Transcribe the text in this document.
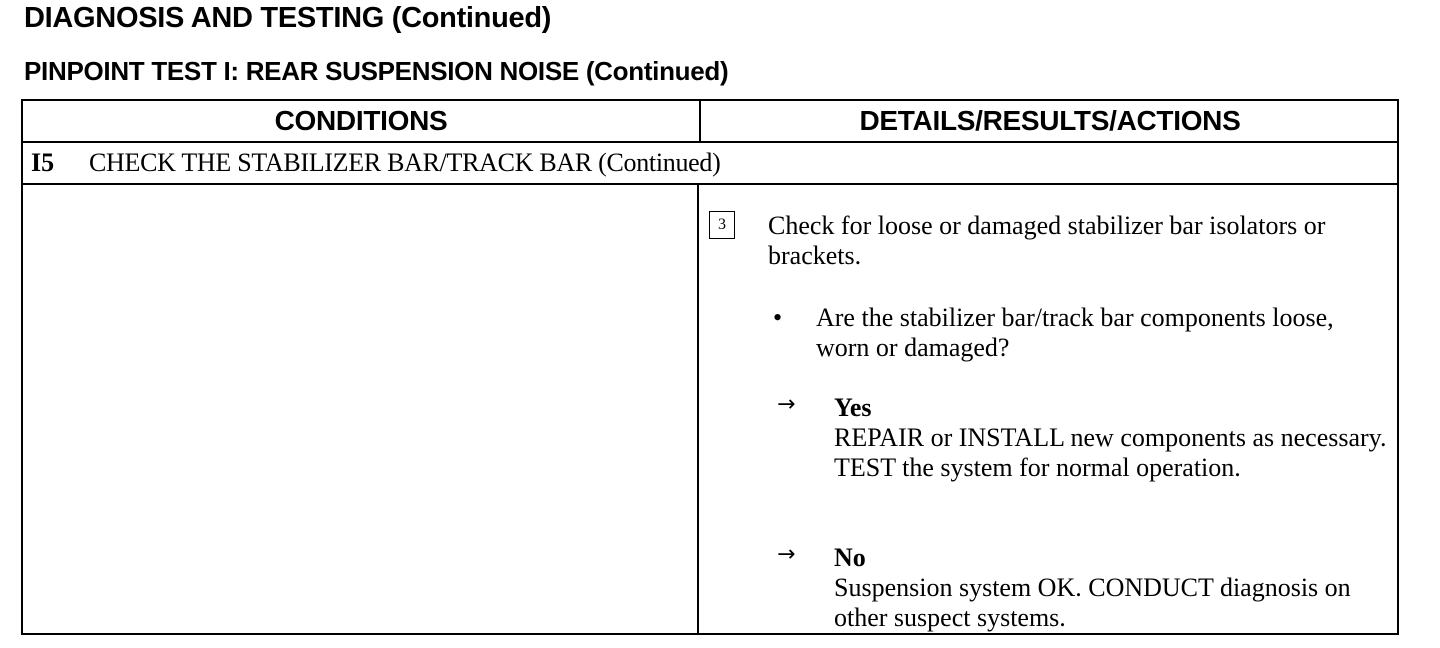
DIAGNOSIS AND TESTING (Continued)
PINPOINT TEST I: REAR SUSPENSION NOISE (Continued)
CONDITIONS	DETAILS/RESULTS/ACTIONS
I5 CHECK THE STABILIZER BAR/TRACK BAR (Continued)
3	Check for loose or damaged stabilizer bar isolators or brackets.
• Are the stabilizer bar/track bar components loose, worn or damaged?
→ Yes
REPAIR or INSTALL new components as necessary. TEST the system for normal operation.
→ No
Suspension system OK. CONDUCT diagnosis on other suspect systems.
